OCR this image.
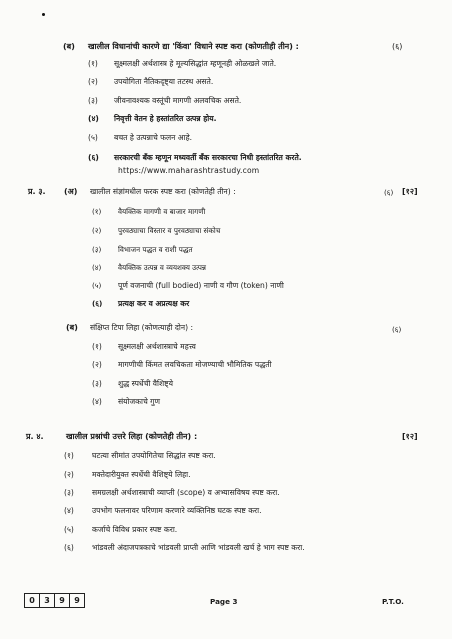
(ब) खालील विधानांची कारणे द्या 'किंवा' विधाने स्पष्ट करा (कोणतीही तीन) :	(६)
(१) सूक्ष्मलक्षी अर्थशास्त्र हे मूल्यसिद्धांत म्हणूनही ओळखले जाते.
(२) उपयोगिता नैतिकदृष्ट्या तटस्थ असते.
(३) जीवनावश्यक वस्तूंची मागणी अलवचिक असते.
(४) निवृत्ती वेतन हे हस्तांतरित उत्पन्न होय.
(५) बचत हे उत्पन्नाचे फलन आहे.
(६) सरकारची बँक म्हणून मध्यवर्ती बँक सरकारचा निधी हस्तांतरित करते.
https://www.maharashtrastudy.com
प्र. ३. (अ) खालील संज्ञांमधील फरक स्पष्ट करा (कोणतेही तीन) :	(६) [१२]
(१) वैयक्तिक मागणी व बाजार मागणी
(२) पुरवठ्याचा विस्तार व पुरवठ्याचा संकोच
(३) विभाजन पद्धत व राशी पद्धत
(४) वैयक्तिक उत्पन्न व व्ययशक्य उत्पन्न
(५) पूर्ण वजनाची (full bodied) नाणी व गौण (token) नाणी
(६) प्रत्यक्ष कर व अप्रत्यक्ष कर
(ब) संक्षिप्त टिपा लिहा (कोणत्याही दोन) :	(६)
(१) सूक्ष्मलक्षी अर्थशास्त्राचे महत्त्व
(२) मागणीची किंमत लवचिकता मोजण्याची भौमितिक पद्धती
(३) शुद्ध स्पर्धेची वैशिष्ट्ये
(४) संयोजकाचे गुण
प्र. ४.	खालील प्रश्नांची उत्तरे लिहा (कोणतेही तीन) :	[१२]
(१) घटत्या सीमांत उपयोगितेचा सिद्धांत स्पष्ट करा.
(२) मक्तेदारीयुक्त स्पर्धेची वैशिष्ट्ये लिहा.
(३) समग्रलक्षी अर्थशास्त्राची व्याप्ती (scope) व अभ्यासविषय स्पष्ट करा.
(४) उपभोग फलनावर परिणाम करणारे व्यक्तिनिष्ठ घटक स्पष्ट करा.
(५) कर्जाचे विविध प्रकार स्पष्ट करा.
(६) भांडवली अंदाजपत्रकाचे भांडवली प्राप्ती आणि भांडवली खर्च हे भाग स्पष्ट करा.
0	3	9	9	Page 3	P.T.O.
